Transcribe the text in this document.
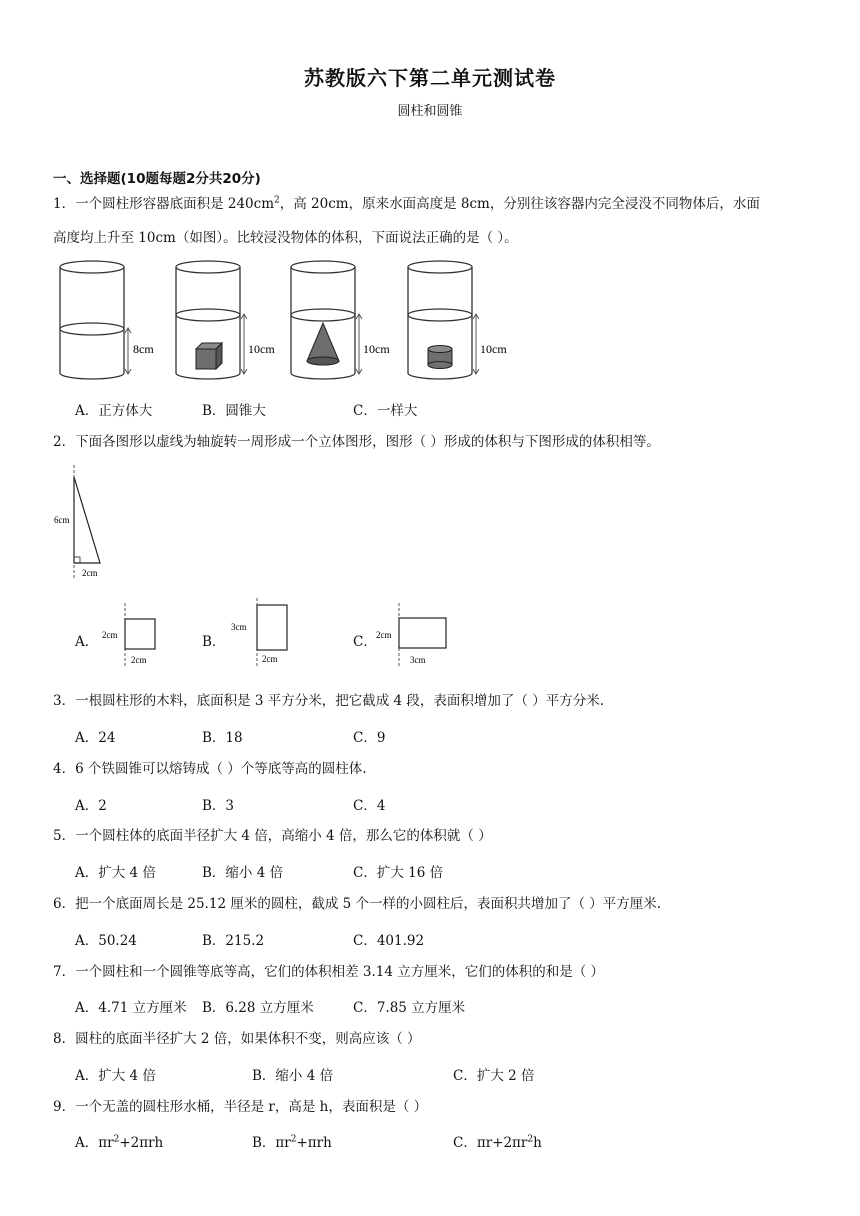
苏教版六下第二单元测试卷
圆柱和圆锥
一、选择题(10题每题2分共20分)
1．一个圆柱形容器底面积是 $240cm^2$，高 20cm，原来水面高度是 8cm，分别往该容器内完全浸没不同物体后，水面
高度均上升至 10cm（如图）。比较浸没物体的体积，下面说法正确的是（ ）。
8cm	10cm	10cm	10cm
A．正方体大	B．圆锥大	C．一样大
2．下面各图形以虚线为轴旋转一周形成一个立体图形，图形（ ）形成的体积与下图形成的体积相等。
6cm
2cm
A． 2cm
2cm
B．
3cm
2cm
C． 2cm
3cm
3．一根圆柱形的木料，底面积是 3 平方分米，把它截成 4 段，表面积增加了（ ）平方分米.
A．24	B．18	C．9
4．6 个铁圆锥可以熔铸成（ ）个等底等高的圆柱体.
A．2	B．3	C．4
5．一个圆柱体的底面半径扩大 4 倍，高缩小 4 倍，那么它的体积就（ ）
A．扩大 4 倍	B．缩小 4 倍	C．扩大 16 倍
6．把一个底面周长是 25.12 厘米的圆柱，截成 5 个一样的小圆柱后，表面积共增加了（ ）平方厘米.
A．50.24	B．215.2	C．401.92
7．一个圆柱和一个圆锥等底等高，它们的体积相差 3.14 立方厘米，它们的体积的和是（ ）
A．4.71 立方厘米 B．6.28 立方厘米	C．7.85 立方厘米
8．圆柱的底面半径扩大 2 倍，如果体积不变，则高应该（ ）
A．扩大 4 倍	B．缩小 4 倍	C．扩大 2 倍
9．一个无盖的圆柱形水桶，半径是 r，高是 h，表面积是（ ）
A．$\pi r^2+2\pi rh$	B．$\pi r^2+\pi rh$	C．$\pi r+2\pi r^2h$
